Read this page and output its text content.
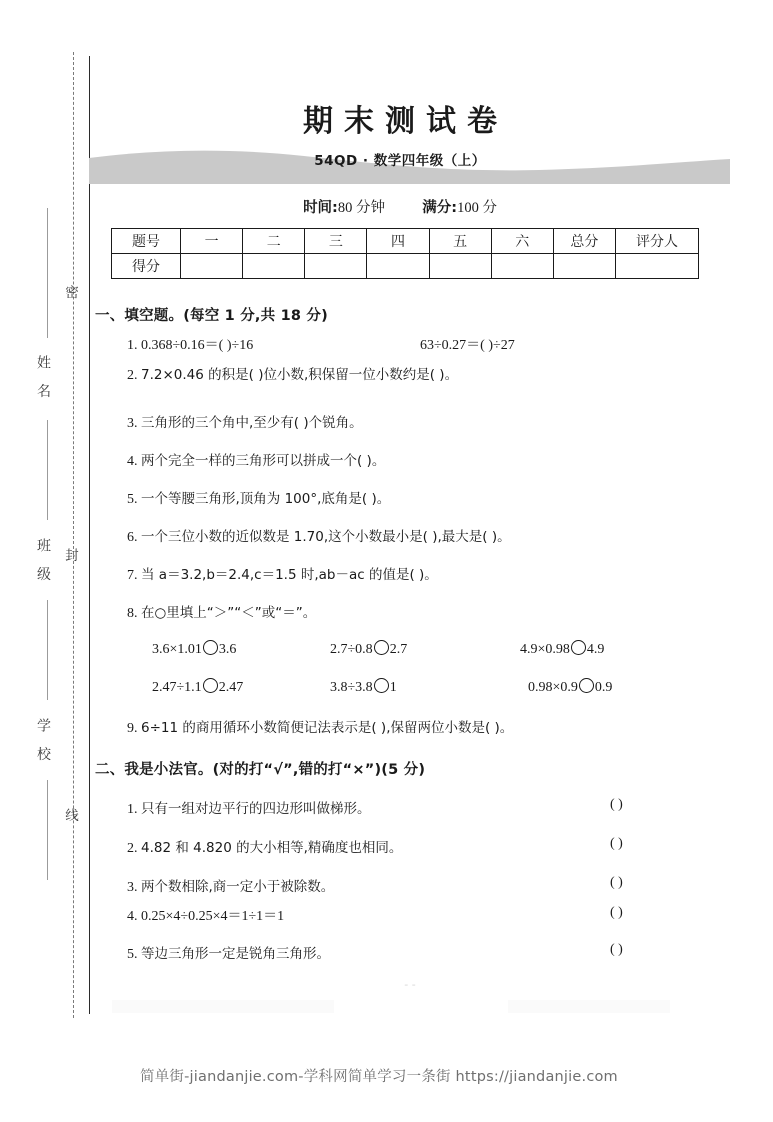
密
封
线
姓 名
班 级
学 校
期末测试卷
54QD · 数学四年级（上）
时间:80 分钟	满分:100 分
题号	一	二	三	四	五	六	总分	评分人
得分								
一、填空题。(每空 1 分,共 18 分)
1. 0.368÷0.16＝( )÷16	63÷0.27＝( )÷27
2. 7.2×0.46 的积是( )位小数,积保留一位小数约是( )。
3. 三角形的三个角中,至少有( )个锐角。
4. 两个完全一样的三角形可以拼成一个( )。
5. 一个等腰三角形,顶角为 100°,底角是( )。
6. 一个三位小数的近似数是 1.70,这个小数最小是( ),最大是( )。
7. 当 a＝3.2,b＝2.4,c＝1.5 时,ab－ac 的值是( )。
8. 在○里填上“＞”“＜”或“＝”。
3.6×1.01 3.6	2.7÷0.8 2.7	4.9×0.98 4.9
2.47÷1.1 2.47	3.8÷3.8 1	0.98×0.9 0.9
9. 6÷11 的商用循环小数简便记法表示是( ),保留两位小数是( )。
二、我是小法官。(对的打“√”,错的打“×”)(5 分)
1. 只有一组对边平行的四边形叫做梯形。	( )
2. 4.82 和 4.820 的大小相等,精确度也相同。	( )
3. 两个数相除,商一定小于被除数。	( )
4. 0.25×4÷0.25×4＝1÷1＝1	( )
5. 等边三角形一定是锐角三角形。	( )
- -
简单街-jiandanjie.com-学科网简单学习一条街 https://jiandanjie.com
